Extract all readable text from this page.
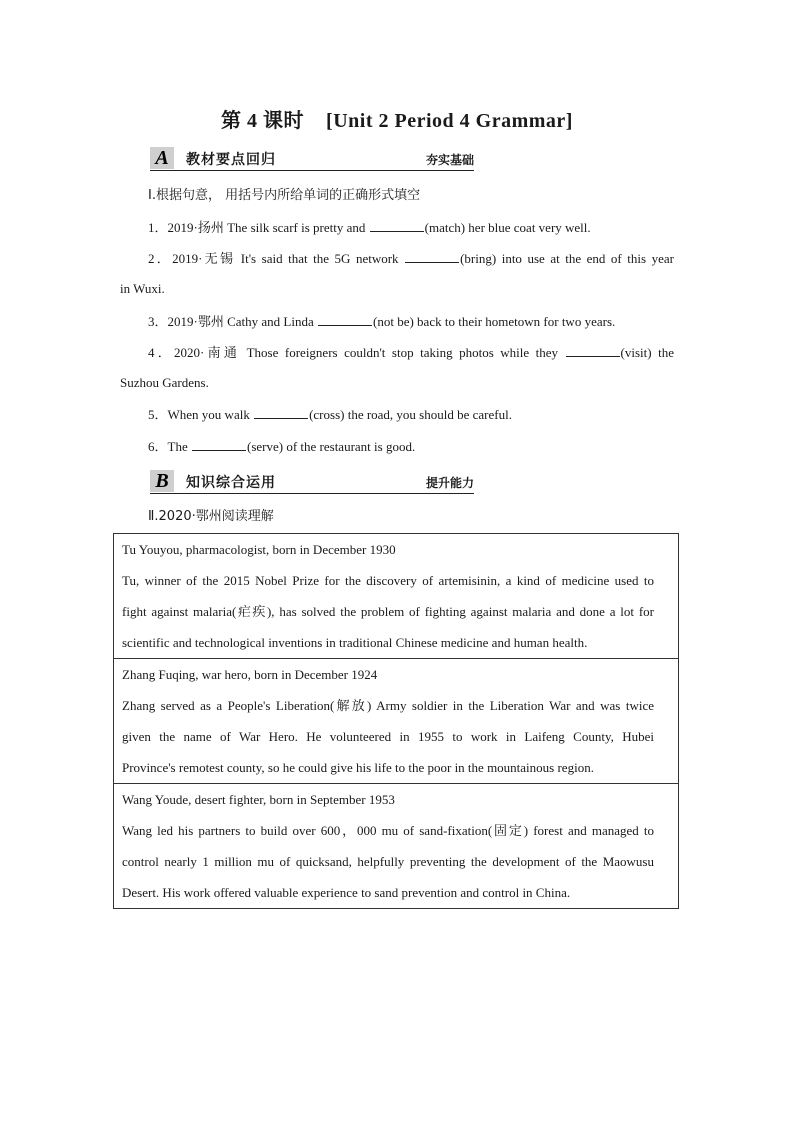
第 4 课时 [Unit 2 Period 4 Grammar]
A	教材要点回归	夯实基础
Ⅰ.根据句意， 用括号内所给单词的正确形式填空
1．2019·扬州 The silk scarf is pretty and	(match) her blue coat very well.
2．2019·无锡 It's said that the 5G network	(bring) into use at the end of this year
in Wuxi.
3．2019·鄂州 Cathy and Linda	(not be) back to their hometown for two years.
4．2020·南通 Those foreigners couldn't stop taking photos while they	(visit) the
Suzhou Gardens.
5．When you walk	(cross) the road, you should be careful.
6．The	(serve) of the restaurant is good.
B	知识综合运用	提升能力
Ⅱ.2020·鄂州阅读理解
Tu Youyou, pharmacologist, born in December 1930
Tu, winner of the 2015 Nobel Prize for the discovery of artemisinin, a kind of medicine used to
fight against malaria(疟疾), has solved the problem of fighting against malaria and done a lot for
scientific and technological inventions in traditional Chinese medicine and human health.
Zhang Fuqing, war hero, born in December 1924
Zhang served as a People's Liberation(解放) Army soldier in the Liberation War and was twice
given the name of War Hero. He volunteered in 1955 to work in Laifeng County, Hubei
Province's remotest county, so he could give his life to the poor in the mountainous region.
Wang Youde, desert fighter, born in September 1953
Wang led his partners to build over 600，000 mu of sand-fixation(固定) forest and managed to
control nearly 1 million mu of quicksand, helpfully preventing the development of the Maowusu
Desert. His work offered valuable experience to sand prevention and control in China.
